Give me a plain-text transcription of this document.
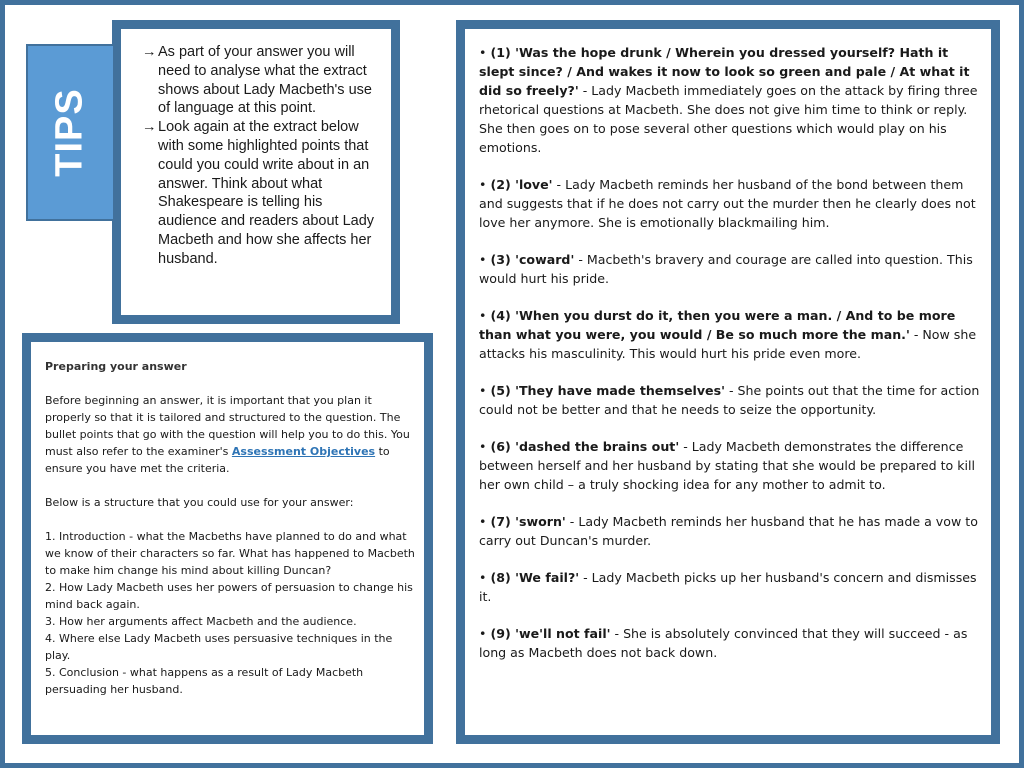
→ As part of your answer you will need to analyse what the extract shows about Lady Macbeth's use of language at this point.
→ Look again at the extract below with some highlighted points that could you could write about in an answer. Think about what Shakespeare is telling his audience and readers about Lady Macbeth and how she affects her husband.
TIPS

Preparing your answer

Before beginning an answer, it is important that you plan it properly so that it is tailored and structured to the question. The bullet points that go with the question will help you to do this. You must also refer to the examiner's Assessment Objectives to ensure you have met the criteria.

Below is a structure that you could use for your answer:

1. Introduction - what the Macbeths have planned to do and what we know of their characters so far. What has happened to Macbeth to make him change his mind about killing Duncan?
2. How Lady Macbeth uses her powers of persuasion to change his mind back again.
3. How her arguments affect Macbeth and the audience.
4. Where else Lady Macbeth uses persuasive techniques in the play.
5. Conclusion - what happens as a result of Lady Macbeth persuading her husband.
• (1) 'Was the hope drunk / Wherein you dressed yourself? Hath it slept since? / And wakes it now to look so green and pale / At what it did so freely?' - Lady Macbeth immediately goes on the attack by firing three rhetorical questions at Macbeth. She does not give him time to think or reply. She then goes on to pose several other questions which would play on his emotions.
• (2) 'love' - Lady Macbeth reminds her husband of the bond between them and suggests that if he does not carry out the murder then he clearly does not love her anymore. She is emotionally blackmailing him.
• (3) 'coward' - Macbeth's bravery and courage are called into question. This would hurt his pride.
• (4) 'When you durst do it, then you were a man. / And to be more than what you were, you would / Be so much more the man.' - Now she attacks his masculinity. This would hurt his pride even more.
• (5) 'They have made themselves' - She points out that the time for action could not be better and that he needs to seize the opportunity.
• (6) 'dashed the brains out' - Lady Macbeth demonstrates the difference between herself and her husband by stating that she would be prepared to kill her own child – a truly shocking idea for any mother to admit to.
• (7) 'sworn' - Lady Macbeth reminds her husband that he has made a vow to carry out Duncan's murder.
• (8) 'We fail?' - Lady Macbeth picks up her husband's concern and dismisses it.
• (9) 'we'll not fail' - She is absolutely convinced that they will succeed - as long as Macbeth does not back down.
